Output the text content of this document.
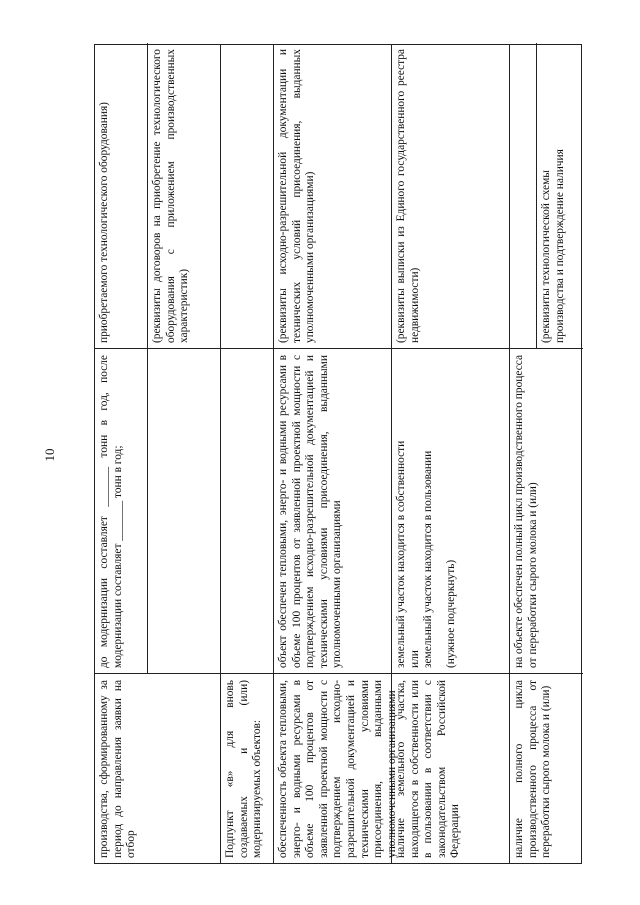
10
производства, сформированному за период до направления заявки на отбор
до модернизации составляет _______ тонн в год, после модернизации составляет _______ тонн в год;
приобретаемого технологического оборудования)	(реквизиты договоров на приобретение технологического оборудования с приложением производственных характеристик)
Подпункт «в» для вновь создаваемых и (или) модернизируемых объектов:	обеспеченность объекта тепловыми, энерго- и водными ресурсами в объеме 100 процентов от заявленной проектной мощности с подтверждением исходно-разрешительной документацией и техническими условиями присоединения, выданными уполномоченными организациями
объект обеспечен тепловыми, энерго- и водными ресурсами в объеме 100 процентов от заявленной проектной мощности с подтверждением исходно-разрешительной документацией и техническими условиями присоединения, выданными уполномоченными организациями
(реквизиты исходно-разрешительной документации и технических условий присоединения, выданных уполномоченными организациями)
наличие земельного участка, находящегося в собственности или в пользовании в соответствии с законодательством Российской Федерации
земельный участок находится в собственности или земельный участок находится в пользовании (нужное подчеркнуть)
(реквизиты выписки из Единого государственного реестра недвижимости)
наличие полного цикла производственного процесса от переработки сырого молока и (или)
на объекте обеспечен полный цикл производственного процесса от переработки сырого молока и (или)
(реквизиты технологической схемы производства и подтверждение наличия
